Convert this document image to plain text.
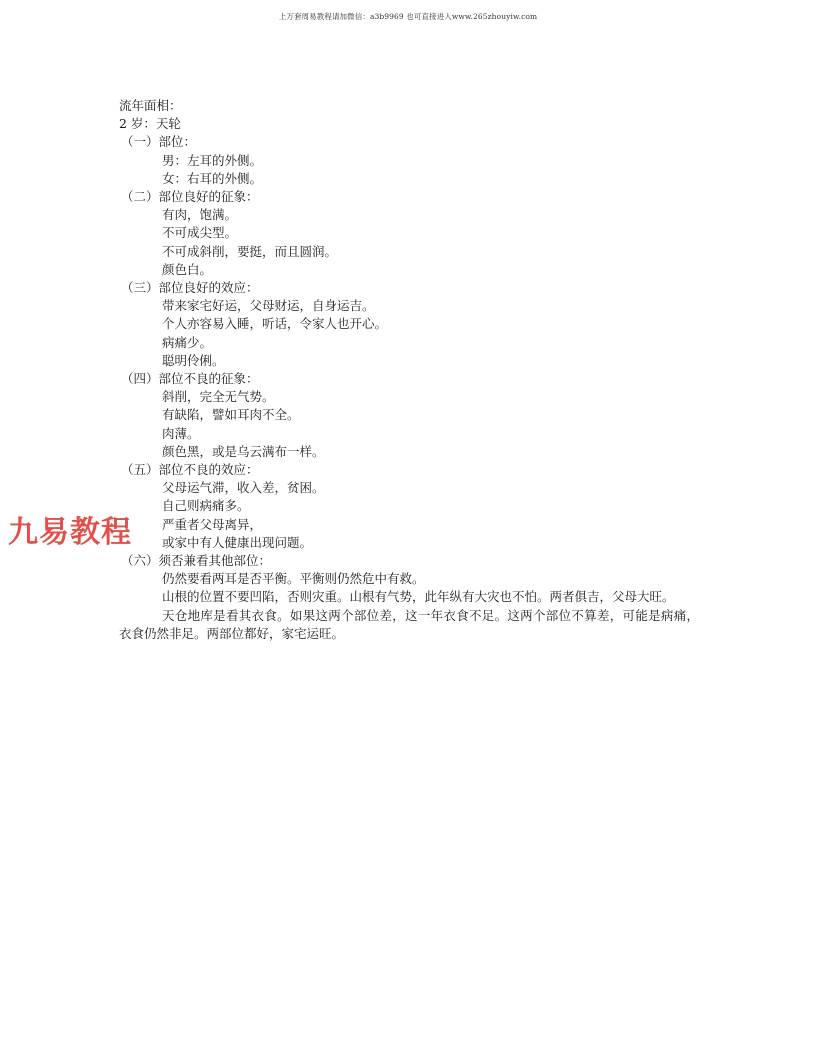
上万套周易教程请加微信：a3b9969 也可直接进入www.265zhouyiw.com
九易教程
流年面相：
2 岁：天轮
（一）部位：
男：左耳的外侧。
女：右耳的外侧。
（二）部位良好的征象：
有肉，饱满。
不可成尖型。
不可成斜削，要挺，而且圆润。
颜色白。
（三）部位良好的效应：
带来家宅好运，父母财运，自身运吉。
个人亦容易入睡，听话，令家人也开心。
病痛少。
聪明伶俐。
（四）部位不良的征象：
斜削，完全无气势。
有缺陷，譬如耳肉不全。
肉薄。
颜色黑，或是乌云满布一样。
（五）部位不良的效应：
父母运气滞，收入差，贫困。
自己则病痛多。
严重者父母离异，
或家中有人健康出现问题。
（六）须否兼看其他部位：
仍然要看两耳是否平衡。平衡则仍然危中有救。
山根的位置不要凹陷，否则灾重。山根有气势，此年纵有大灾也不怕。两者俱吉，父母大旺。
天仓地库是看其衣食。如果这两个部位差，这一年衣食不足。这两个部位不算差，可能是病痛，衣食仍然非足。两部位都好，家宅运旺。
